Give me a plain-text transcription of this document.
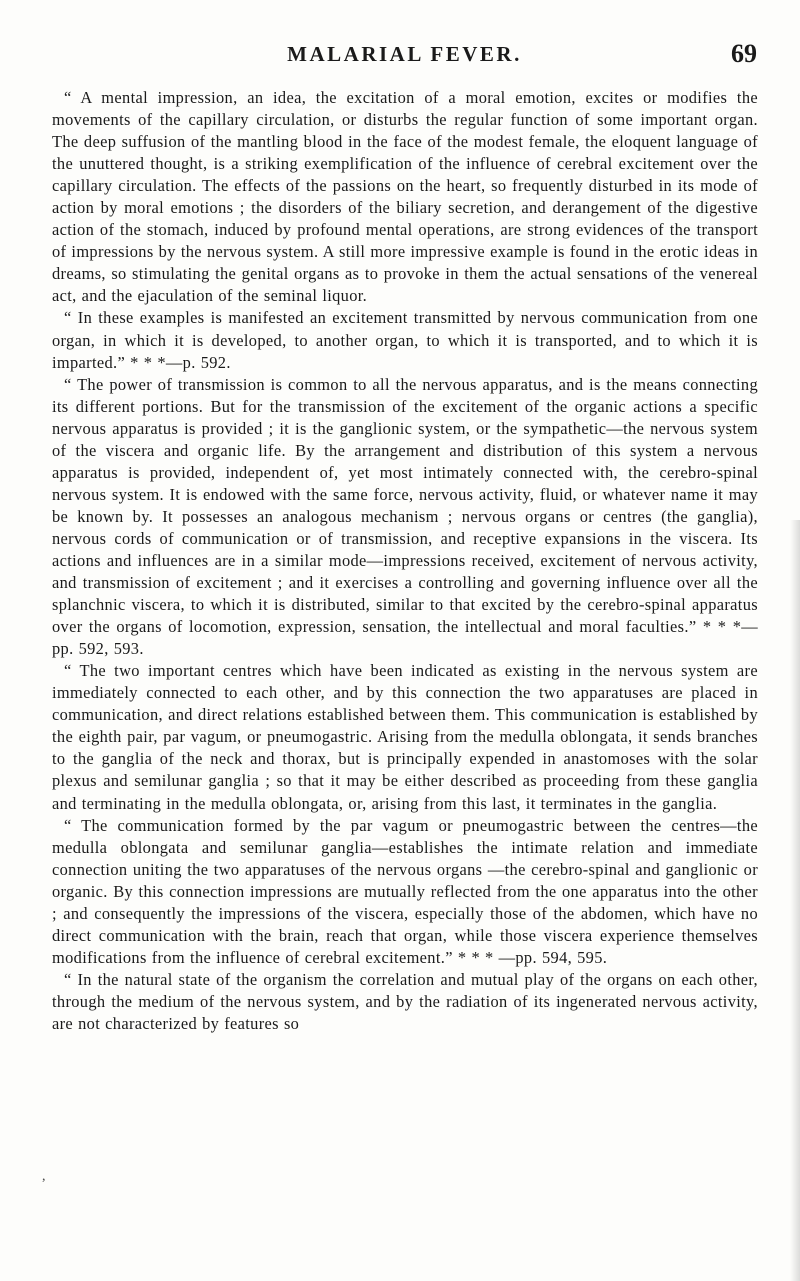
MALARIAL FEVER.	69

“ A mental impression, an idea, the excitation of a moral emotion, excites or modifies the movements of the capillary circulation, or disturbs the regular function of some important organ. The deep suffusion of the mantling blood in the face of the modest female, the eloquent language of the unuttered thought, is a striking exemplification of the influence of cerebral excitement over the capillary circulation. The effects of the passions on the heart, so frequently disturbed in its mode of action by moral emotions ; the disorders of the biliary secretion, and derangement of the digestive action of the stomach, induced by profound mental operations, are strong evidences of the transport of impressions by the nervous system. A still more impressive example is found in the erotic ideas in dreams, so stimulating the genital organs as to provoke in them the actual sensations of the venereal act, and the ejaculation of the seminal liquor.

“ In these examples is manifested an excitement transmitted by nervous communication from one organ, in which it is developed, to another organ, to which it is transported, and to which it is imparted.” * * *—p. 592.

“ The power of transmission is common to all the nervous apparatus, and is the means connecting its different portions. But for the transmission of the excitement of the organic actions a specific nervous apparatus is provided ; it is the ganglionic system, or the sympathetic—the nervous system of the viscera and organic life. By the arrangement and distribution of this system a nervous apparatus is provided, independent of, yet most intimately connected with, the cerebro-spinal nervous system. It is endowed with the same force, nervous activity, fluid, or whatever name it may be known by. It possesses an analogous mechanism ; nervous organs or centres (the ganglia), nervous cords of communication or of transmission, and receptive expansions in the viscera. Its actions and influences are in a similar mode—impressions received, excitement of nervous activity, and transmission of excitement ; and it exercises a controlling and governing influence over all the splanchnic viscera, to which it is distributed, similar to that excited by the cerebro-spinal apparatus over the organs of locomotion, expression, sensation, the intellectual and moral faculties.” * * *—pp. 592, 593.

“ The two important centres which have been indicated as existing in the nervous system are immediately connected to each other, and by this connection the two apparatuses are placed in communication, and direct relations established between them. This communication is established by the eighth pair, par vagum, or pneumogastric. Arising from the medulla oblongata, it sends branches to the ganglia of the neck and thorax, but is principally expended in anastomoses with the solar plexus and semilunar ganglia ; so that it may be either described as proceeding from these ganglia and terminating in the medulla oblongata, or, arising from this last, it terminates in the ganglia.

“ The communication formed by the par vagum or pneumogastric between the centres—the medulla oblongata and semilunar ganglia—establishes the intimate relation and immediate connection uniting the two apparatuses of the nervous organs —the cerebro-spinal and ganglionic or organic. By this connection impressions are mutually reflected from the one apparatus into the other ; and consequently the impressions of the viscera, especially those of the abdomen, which have no direct communication with the brain, reach that organ, while those viscera experience themselves modifications from the influence of cerebral excitement.” * * * —pp. 594, 595.

“ In the natural state of the organism the correlation and mutual play of the organs on each other, through the medium of the nervous system, and by the radiation of its ingenerated nervous activity, are not characterized by features so

,
